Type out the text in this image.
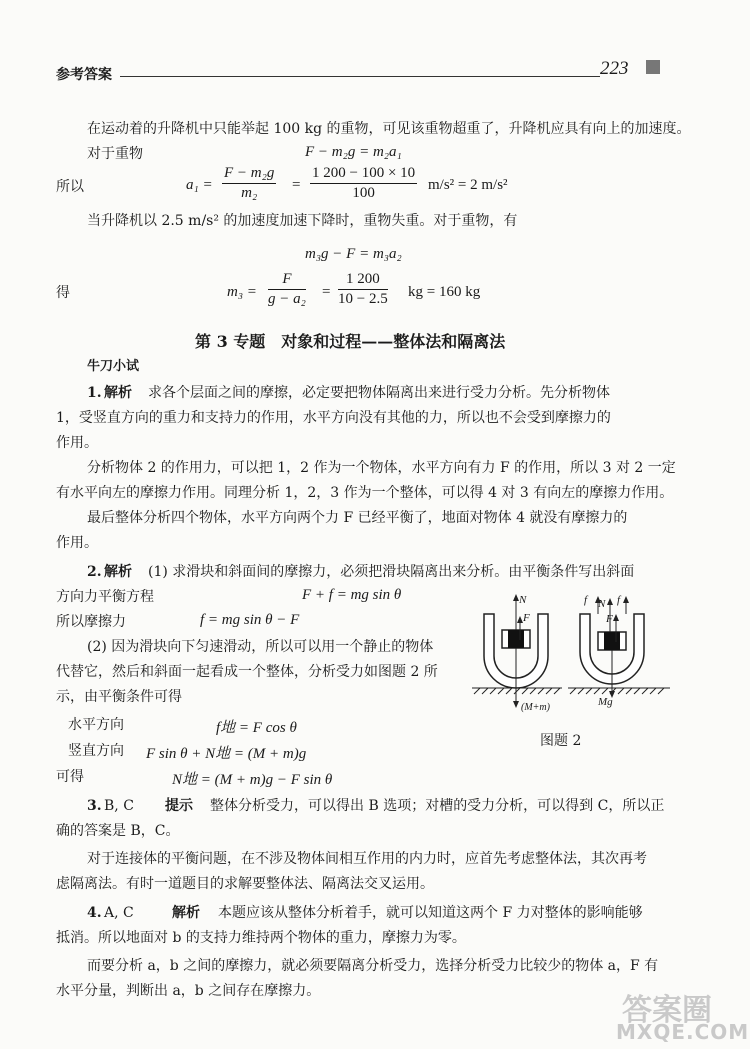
参考答案	223
在运动着的升降机中只能举起 100 kg 的重物，可见该重物超重了，升降机应具有向上的加速度。
对于重物	F − m₂g = m₂a₁
所以	$a_1 = \frac{\text{F − m₂g}}{\text{m₂}} = \frac{1 200 - 100 \times 10}{100} m/s^2 = 2$ m/s²
当升降机以 2.5 m/s² 的加速度加速下降时，重物失重。对于重物，有
m₃g − F = m₃a₂
得	$m_3 = \frac{F}{\text{g − a₂}} = \frac{1 200}{10 - 2.5}$ kg = 160 kg
第 3 专题　对象和过程——整体法和隔离法
牛刀小试
1. 解析 求各个层面之间的摩擦，必定要把物体隔离出来进行受力分析。先分析物体
1，受竖直方向的重力和支持力的作用，水平方向没有其他的力，所以也不会受到摩擦力的
作用。
分析物体 2 的作用力，可以把 1，2 作为一个物体，水平方向有力 F 的作用，所以 3 对 2 一定
有水平向左的摩擦力作用。同理分析 1，2，3 作为一个整体，可以得 4 对 3 有向左的摩擦力作用。
最后整体分析四个物体，水平方向两个力 F 已经平衡了，地面对物体 4 就没有摩擦力的
作用。
2. 解析 (1) 求滑块和斜面间的摩擦力，必须把滑块隔离出来分析。由平衡条件写出斜面
方向力平衡方程	F + f = mg sin θ
所以摩擦力	f = mg sin θ − F
(2) 因为滑块向下匀速滑动，所以可以用一个静止的物体
代替它，然后和斜面一起看成一个整体，分析受力如图题 2 所
示，由平衡条件可得
水平方向	f地 = F cos θ
竖直方向 F sin θ + N地 = (M + m)g
可得	N地 = (M + m)g − F sin θ
N
F
(M+m)
f N f
F
Mg
图题 2
3. B, C 提示 整体分析受力，可以得出 B 选项；对槽的受力分析，可以得到 C，所以正
确的答案是 B，C。
对于连接体的平衡问题，在不涉及物体间相互作用的内力时，应首先考虑整体法，其次再考
虑隔离法。有时一道题目的求解要整体法、隔离法交叉运用。
4. A, C	解析 本题应该从整体分析着手，就可以知道这两个 F 力对整体的影响能够
抵消。所以地面对 b 的支持力维持两个物体的重力，摩擦力为零。
而要分析 a，b 之间的摩擦力，就必须要隔离分析受力，选择分析受力比较少的物体 a，F 有
水平分量，判断出 a，b 之间存在摩擦力。
答案圈
MXQE.COM
